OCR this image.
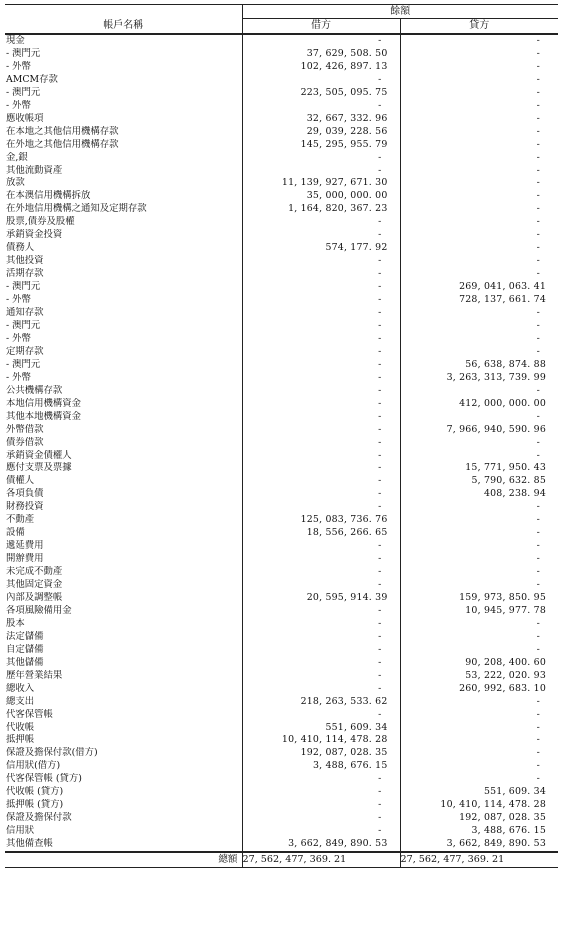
	餘額	
帳戶名稱	借方	貸方
現金	-	-
- 澳門元	37, 629, 508. 50	-
- 外幣	102, 426, 897. 13	-
AMCM存款	-	-
- 澳門元	223, 505, 095. 75	-
- 外幣	-	-
應收帳項	32, 667, 332. 96	-
在本地之其他信用機構存款	29, 039, 228. 56	-
在外地之其他信用機構存款	145, 295, 955. 79	-
金,銀	-	-
其他流動資產	-	-
放款	11, 139, 927, 671. 30	-
在本澳信用機構拆放	35, 000, 000. 00	-
在外地信用機構之通知及定期存款	1, 164, 820, 367. 23	-
股票,債券及股權	-	-
承銷資金投資	-	-
債務人	574, 177. 92	-
其他投資	-	-
活期存款	-	-
- 澳門元	-	269, 041, 063. 41
- 外幣	-	728, 137, 661. 74
通知存款	-	-
- 澳門元	-	-
- 外幣	-	-
定期存款	-	-
- 澳門元	-	56, 638, 874. 88
- 外幣	-	3, 263, 313, 739. 99
公共機構存款	-	-
本地信用機構資金	-	412, 000, 000. 00
其他本地機構資金	-	-
外幣借款	-	7, 966, 940, 590. 96
債券借款	-	-
承銷資金債權人	-	-
應付支票及票據	-	15, 771, 950. 43
債權人	-	5, 790, 632. 85
各項負債	-	408, 238. 94
財務投資	-	-
不動產	125, 083, 736. 76	-
設備	18, 556, 266. 65	-
遞延費用	-	-
開辦費用	-	-
未完成不動產	-	-
其他固定資金	-	-
內部及調整帳	20, 595, 914. 39	159, 973, 850. 95
各項風險備用金	-	10, 945, 977. 78
股本	-	-
法定儲備	-	-
自定儲備	-	-
其他儲備	-	90, 208, 400. 60
歷年營業結果	-	53, 222, 020. 93
總收入	-	260, 992, 683. 10
總支出	218, 263, 533. 62	-
代客保管帳	-	-
代收帳	551, 609. 34	-
抵押帳	10, 410, 114, 478. 28	-
保證及擔保付款(借方)	192, 087, 028. 35	-
信用狀(借方)	3, 488, 676. 15	-
代客保管帳 (貸方)	-	-
代收帳 (貸方)	-	551, 609. 34
抵押帳 (貸方)	-	10, 410, 114, 478. 28
保證及擔保付款	-	192, 087, 028. 35
信用狀	-	3, 488, 676. 15
其他備查帳	3, 662, 849, 890. 53	3, 662, 849, 890. 53
總額	27, 562, 477, 369. 21	27, 562, 477, 369. 21
